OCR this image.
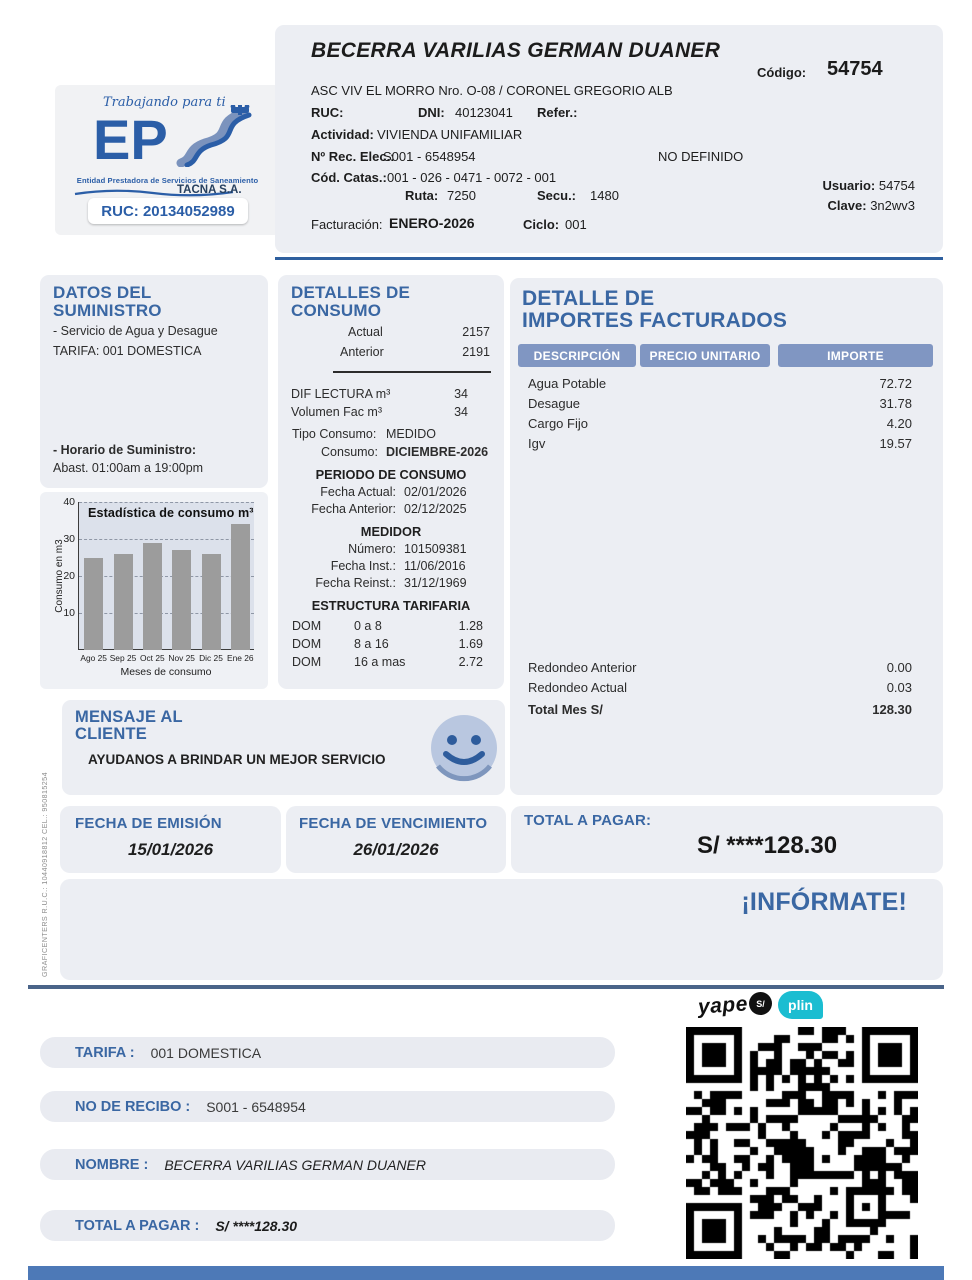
Trabajando para ti
EP
Entidad Prestadora de Servicios de Saneamiento
TACNA S.A.
RUC: 20134052989
BECERRA VARILIAS GERMAN DUANER
Código: 54754
ASC VIV EL MORRO Nro. O-08 / CORONEL GREGORIO ALB
RUC:	DNI: 40123041 Refer.:
Actividad: VIVIENDA UNIFAMILIAR
Nº Rec. Elec.:
S001 - 6548954	NO DEFINIDO
Cód. Catas.: 001 - 026 - 0471 - 0072 - 001
Ruta: 7250	Secu.: 1480
Usuario: 54754
Clave: 3n2wv3
Facturación: ENERO-2026	Ciclo: 001
DATOS DEL
SUMINISTRO
- Servicio de Agua y Desague
TARIFA: 001 DOMESTICA
- Horario de Suministro:
Abast. 01:00am a 19:00pm
Estadística de consumo m³
Consumo en m3
10
20
30
40
Ago 25 Sep 25 Oct 25 Nov 25 Dic 25 Ene 26
Meses de consumo
DETALLES DE
CONSUMO
Actual	2157
Anterior	2191
DIF LECTURA m³	34
Volumen Fac m³	34
Tipo Consumo: MEDIDO
Consumo: DICIEMBRE-2026
PERIODO DE CONSUMO
Fecha Actual: 02/01/2026
Fecha Anterior: 02/12/2025
MEDIDOR
Número: 101509381
Fecha Inst.: 11/06/2016
Fecha Reinst.: 31/12/1969
ESTRUCTURA TARIFARIA
DOM	0 a 8	1.28
DOM	8 a 16	1.69
DOM	16 a mas	2.72
DETALLE DE
IMPORTES FACTURADOS
DESCRIPCIÓN	PRECIO UNITARIO	IMPORTE
Agua Potable	72.72
Desague	31.78
Cargo Fijo	4.20
Igv	19.57
Redondeo Anterior	0.00
Redondeo Actual	0.03
Total Mes S/	128.30
MENSAJE AL
CLIENTE
AYUDANOS A BRINDAR UN MEJOR SERVICIO
FECHA DE EMISIÓN
15/01/2026
FECHA DE VENCIMIENTO
26/01/2026
TOTAL A PAGAR:
S/ ****128.30
¡INFÓRMATE!
GRAFICENTERS R.U.C.: 10440918812 CEL.: 950815254
yape S/	plin
TARIFA : 001 DOMESTICA
NO DE RECIBO : S001 - 6548954
NOMBRE : BECERRA VARILIAS GERMAN DUANER
TOTAL A PAGAR : S/ ****128.30
